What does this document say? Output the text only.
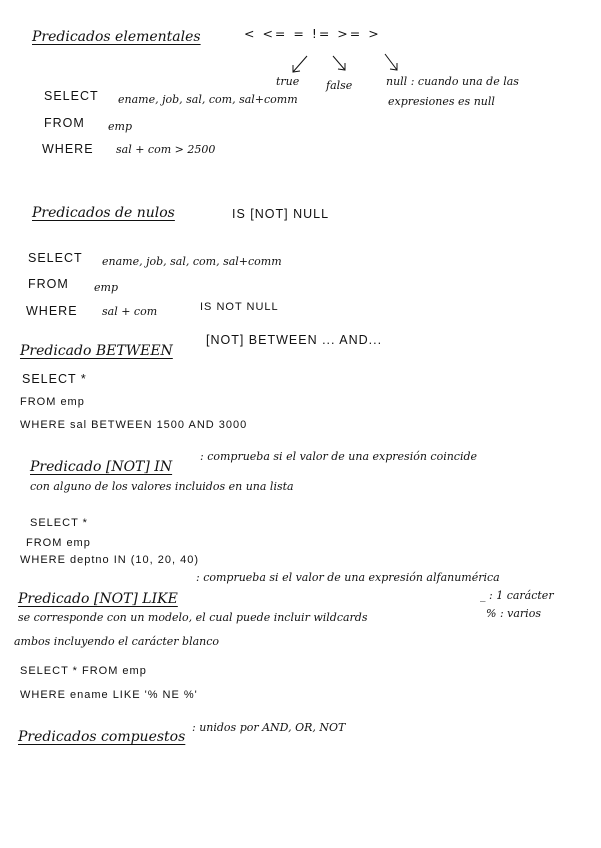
Predicados elementales	< <= = != >= >
true false	null : cuando una de las
expresiones es null
SELECT ename, job, sal, com, sal+comm
FROM emp
WHERE sal + com > 2500
Predicados de nulos	IS [NOT] NULL
SELECT ename, job, sal, com, sal+comm
FROM emp
WHERE sal + com	IS NOT NULL
Predicado BETWEEN
[NOT] BETWEEN ... AND...
SELECT *
FROM emp
WHERE sal BETWEEN 1500 AND 3000
Predicado [NOT] IN
: comprueba si el valor de una expresión coincide
con alguno de los valores incluidos en una lista
SELECT *
FROM emp
WHERE deptno IN (10, 20, 40)
Predicado [NOT] LIKE
: comprueba si el valor de una expresión alfanumérica
se corresponde con un modelo, el cual puede incluir wildcards
_ : 1 carácter
% : varios
ambos incluyendo el carácter blanco
SELECT * FROM emp
WHERE ename LIKE '% NE %'
Predicados compuestos
: unidos por AND, OR, NOT
